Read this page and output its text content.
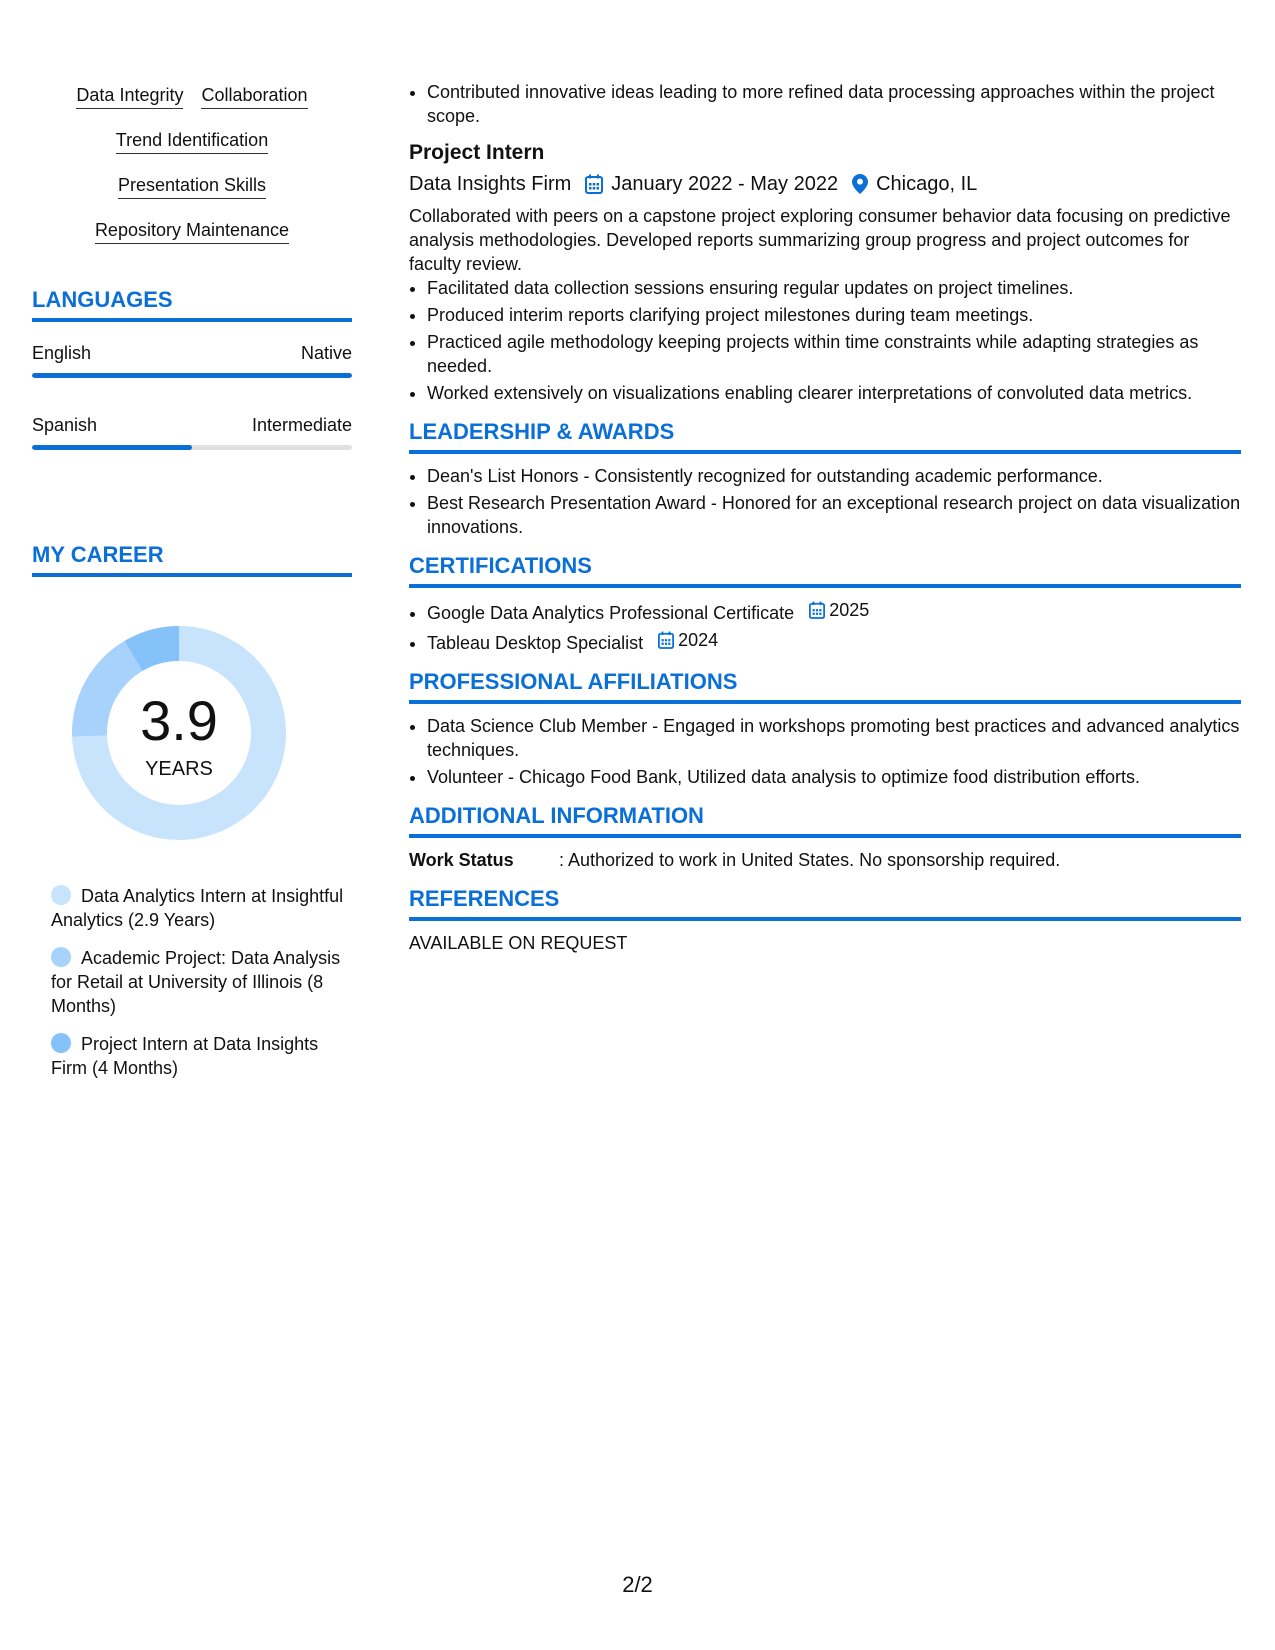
Data Integrity Collaboration
Trend Identification
Presentation Skills
Repository Maintenance
LANGUAGES
English	Native
Spanish	Intermediate
MY CAREER
3.9
YEARS
Data Analytics Intern at Insightful Analytics (2.9 Years)
Academic Project: Data Analysis for Retail at University of Illinois (8 Months)
Project Intern at Data Insights Firm (4 Months)
• Contributed innovative ideas leading to more refined data processing approaches within the project scope.
Project Intern
Data Insights Firm January 2022 - May 2022 Chicago, IL
Collaborated with peers on a capstone project exploring consumer behavior data focusing on predictive analysis methodologies. Developed reports summarizing group progress and project outcomes for faculty review.
• Facilitated data collection sessions ensuring regular updates on project timelines.
• Produced interim reports clarifying project milestones during team meetings.
• Practiced agile methodology keeping projects within time constraints while adapting strategies as needed.
• Worked extensively on visualizations enabling clearer interpretations of convoluted data metrics.
LEADERSHIP & AWARDS
• Dean's List Honors - Consistently recognized for outstanding academic performance.
• Best Research Presentation Award - Honored for an exceptional research project on data visualization innovations.
CERTIFICATIONS
• Google Data Analytics Professional Certificate 2025
• Tableau Desktop Specialist 2024
PROFESSIONAL AFFILIATIONS
• Data Science Club Member - Engaged in workshops promoting best practices and advanced analytics techniques.
• Volunteer - Chicago Food Bank, Utilized data analysis to optimize food distribution efforts.
ADDITIONAL INFORMATION
Work Status	: Authorized to work in United States. No sponsorship required.
REFERENCES
AVAILABLE ON REQUEST
2/2
